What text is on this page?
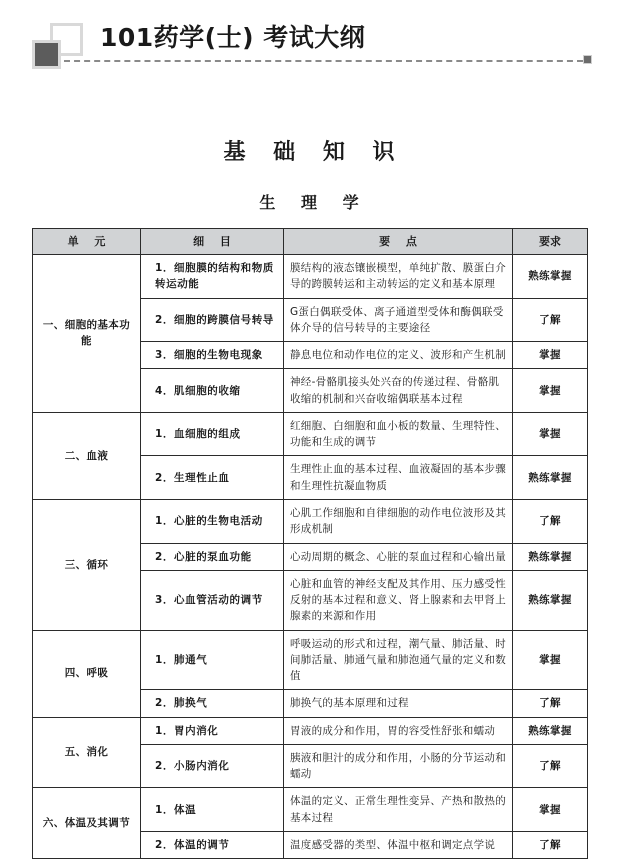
101药学(士) 考试大纲
基 础 知 识
生 理 学
单 元	细 目	要 点	要求
一、细胞的基本功能	1．细胞膜的结构和物质转运动能	膜结构的液态镶嵌模型，单纯扩散、膜蛋白介导的跨膜转运和主动转运的定义和基本原理	熟练掌握
	2．细胞的跨膜信号转导	G蛋白偶联受体、离子通道型受体和酶偶联受体介导的信号转导的主要途径	了解
	3．细胞的生物电现象	静息电位和动作电位的定义、波形和产生机制	掌握
	4．肌细胞的收缩	神经-骨骼肌接头处兴奋的传递过程、骨骼肌收缩的机制和兴奋收缩偶联基本过程	掌握
二、血液	1．血细胞的组成	红细胞、白细胞和血小板的数量、生理特性、功能和生成的调节	掌握
	2．生理性止血	生理性止血的基本过程、血液凝固的基本步骤和生理性抗凝血物质	熟练掌握
三、循环	1．心脏的生物电活动	心肌工作细胞和自律细胞的动作电位波形及其形成机制	了解
	2．心脏的泵血功能	心动周期的概念、心脏的泵血过程和心输出量	熟练掌握
	3．心血管活动的调节	心脏和血管的神经支配及其作用、压力感受性反射的基本过程和意义、肾上腺素和去甲肾上腺素的来源和作用	熟练掌握
四、呼吸	1．肺通气	呼吸运动的形式和过程，潮气量、肺活量、时间肺活量、肺通气量和肺泡通气量的定义和数值	掌握
	2．肺换气	肺换气的基本原理和过程	了解
五、消化	1．胃内消化	胃液的成分和作用，胃的容受性舒张和蠕动	熟练掌握
	2．小肠内消化	胰液和胆汁的成分和作用，小肠的分节运动和蠕动	了解
六、体温及其调节	1．体温	体温的定义、正常生理性变异、产热和散热的基本过程	掌握
	2．体温的调节	温度感受器的类型、体温中枢和调定点学说	了解
